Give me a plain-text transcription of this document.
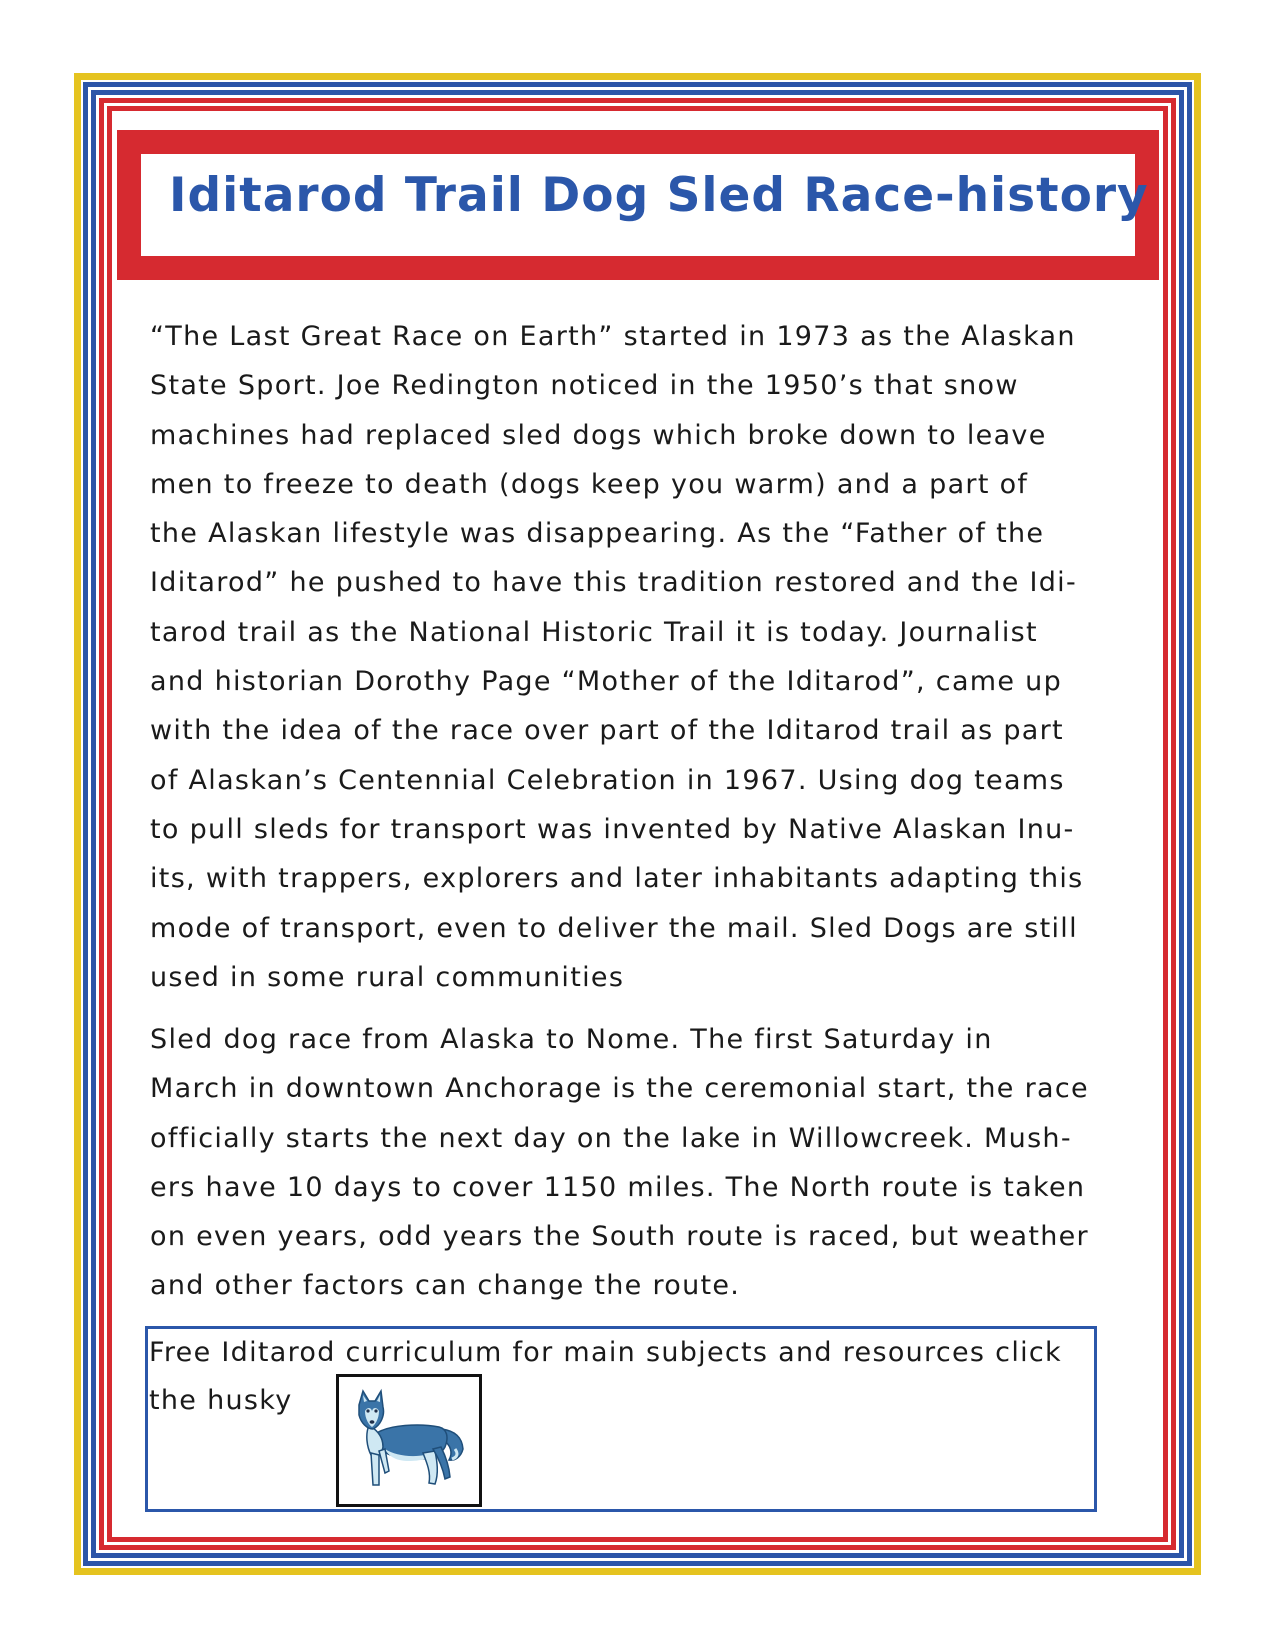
Iditarod Trail Dog Sled Race-history
“The Last Great Race on Earth” started in 1973 as the Alaskan
State Sport. Joe Redington noticed in the 1950’s that snow
machines had replaced sled dogs which broke down to leave
men to freeze to death (dogs keep you warm) and a part of
the Alaskan lifestyle was disappearing. As the “Father of the
Iditarod” he pushed to have this tradition restored and the Idi-
tarod trail as the National Historic Trail it is today. Journalist
and historian Dorothy Page “Mother of the Iditarod”, came up
with the idea of the race over part of the Iditarod trail as part
of Alaskan’s Centennial Celebration in 1967. Using dog teams
to pull sleds for transport was invented by Native Alaskan Inu-
its, with trappers, explorers and later inhabitants adapting this
mode of transport, even to deliver the mail. Sled Dogs are still
used in some rural communities
Sled dog race from Alaska to Nome. The first Saturday in
March in downtown Anchorage is the ceremonial start, the race
officially starts the next day on the lake in Willowcreek. Mush-
ers have 10 days to cover 1150 miles. The North route is taken
on even years, odd years the South route is raced, but weather
and other factors can change the route.
Free Iditarod curriculum for main subjects and resources click
the husky
